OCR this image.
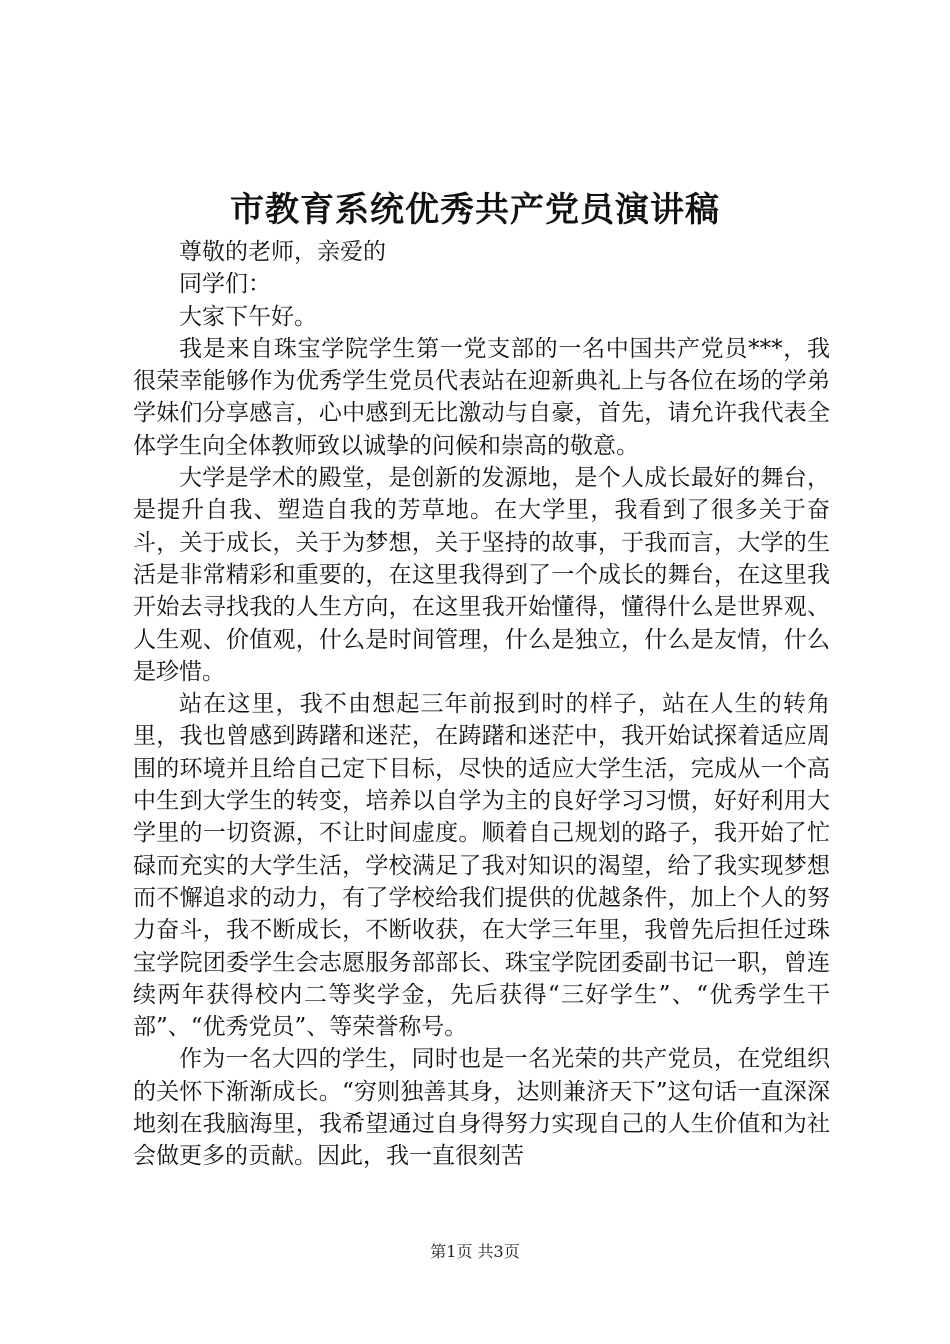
市教育系统优秀共产党员演讲稿

尊敬的老师，亲爱的

同学们：

大家下午好。

我是来自珠宝学院学生第一党支部的一名中国共产党员***，我很荣幸能够作为优秀学生党员代表站在迎新典礼上与各位在场的学弟学妹们分享感言，心中感到无比激动与自豪，首先，请允许我代表全体学生向全体教师致以诚挚的问候和崇高的敬意。

大学是学术的殿堂，是创新的发源地，是个人成长最好的舞台，是提升自我、塑造自我的芳草地。在大学里，我看到了很多关于奋斗，关于成长，关于为梦想，关于坚持的故事，于我而言，大学的生活是非常精彩和重要的，在这里我得到了一个成长的舞台，在这里我开始去寻找我的人生方向，在这里我开始懂得，懂得什么是世界观、人生观、价值观，什么是时间管理，什么是独立，什么是友情，什么是珍惜。

站在这里，我不由想起三年前报到时的样子，站在人生的转角里，我也曾感到踌躇和迷茫，在踌躇和迷茫中，我开始试探着适应周围的环境并且给自己定下目标，尽快的适应大学生活，完成从一个高中生到大学生的转变，培养以自学为主的良好学习习惯，好好利用大学里的一切资源，不让时间虚度。顺着自己规划的路子，我开始了忙碌而充实的大学生活，学校满足了我对知识的渴望，给了我实现梦想而不懈追求的动力，有了学校给我们提供的优越条件，加上个人的努力奋斗，我不断成长，不断收获，在大学三年里，我曾先后担任过珠宝学院团委学生会志愿服务部部长、珠宝学院团委副书记一职，曾连续两年获得校内二等奖学金，先后获得“三好学生”、“优秀学生干部”、“优秀党员”、等荣誉称号。

作为一名大四的学生，同时也是一名光荣的共产党员，在党组织的关怀下渐渐成长。“穷则独善其身，达则兼济天下”这句话一直深深地刻在我脑海里，我希望通过自身得努力实现自己的人生价值和为社会做更多的贡献。因此，我一直很刻苦

第1页 共3页
